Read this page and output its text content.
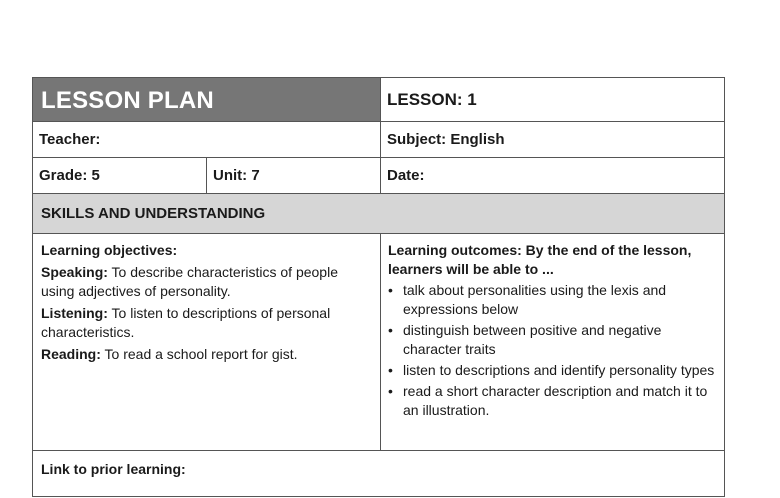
LESSON PLAN	LESSON: 1
Teacher:	Subject: English
Grade: 5	Unit: 7	Date:
SKILLS AND UNDERSTANDING
Learning objectives:
Speaking: To describe characteristics of people using adjectives of personality.
Listening: To listen to descriptions of personal characteristics.
Reading: To read a school report for gist.
Learning outcomes: By the end of the lesson, learners will be able to ...
• talk about personalities using the lexis and expressions below
• distinguish between positive and negative character traits
• listen to descriptions and identify personality types
• read a short character description and match it to an illustration.
Link to prior learning:
